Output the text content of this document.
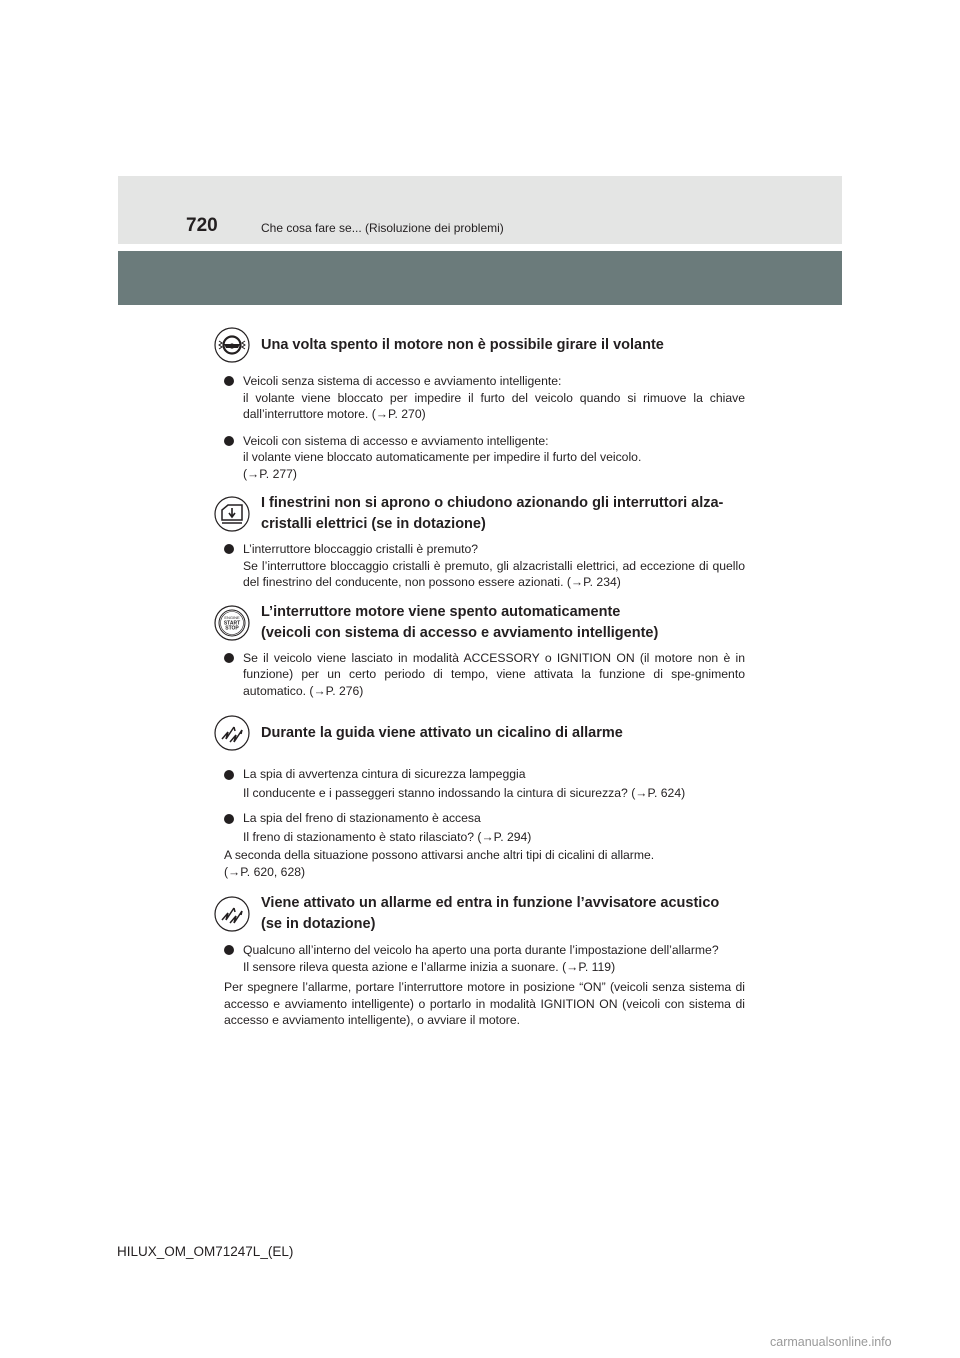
720	Che cosa fare se... (Risoluzione dei problemi)
Una volta spento il motore non è possibile girare il volante
Veicoli senza sistema di accesso e avviamento intelligente:
il volante viene bloccato per impedire il furto del veicolo quando si rimuove la chiave dall’interruttore motore. (→P. 270)
Veicoli con sistema di accesso e avviamento intelligente:
il volante viene bloccato automaticamente per impedire il furto del veicolo.
(→P. 277)
I finestrini non si aprono o chiudono azionando gli interruttori alza-
cristalli elettrici (se in dotazione)
L’interruttore bloccaggio cristalli è premuto?
Se l’interruttore bloccaggio cristalli è premuto, gli alzacristalli elettrici, ad eccezione di quello del finestrino del conducente, non possono essere azionati. (→P. 234)
ENGINE
START
STOP
L’interruttore motore viene spento automaticamente
(veicoli con sistema di accesso e avviamento intelligente)
Se il veicolo viene lasciato in modalità ACCESSORY o IGNITION ON (il motore non è in funzione) per un certo periodo di tempo, viene attivata la funzione di spe-gnimento automatico. (→P. 276)
Durante la guida viene attivato un cicalino di allarme
La spia di avvertenza cintura di sicurezza lampeggia
Il conducente e i passeggeri stanno indossando la cintura di sicurezza? (→P. 624)
La spia del freno di stazionamento è accesa
Il freno di stazionamento è stato rilasciato? (→P. 294)
A seconda della situazione possono attivarsi anche altri tipi di cicalini di allarme.
(→P. 620, 628)
Viene attivato un allarme ed entra in funzione l’avvisatore acustico
(se in dotazione)
Qualcuno all’interno del veicolo ha aperto una porta durante l’impostazione dell’allarme?
Il sensore rileva questa azione e l’allarme inizia a suonare. (→P. 119)
Per spegnere l’allarme, portare l’interruttore motore in posizione “ON” (veicoli senza sistema di accesso e avviamento intelligente) o portarlo in modalità IGNITION ON (veicoli con sistema di accesso e avviamento intelligente), o avviare il motore.
HILUX_OM_OM71247L_(EL)
carmanualsonline.info
